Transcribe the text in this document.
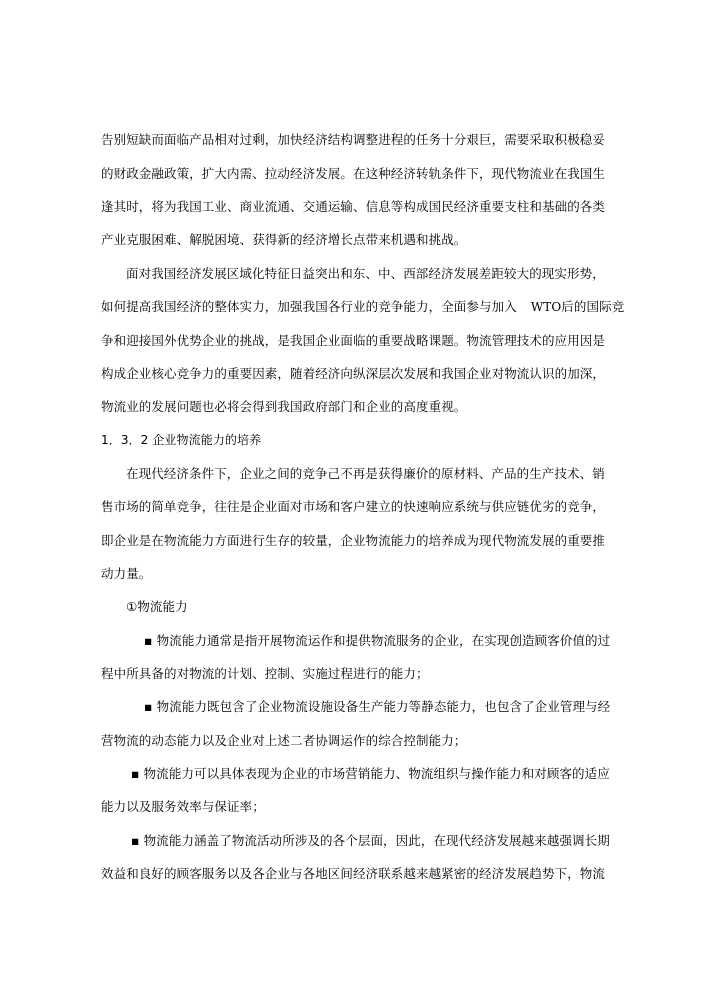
告别短缺而面临产品相对过剩，加快经济结构调整进程的任务十分艰巨，需要采取积极稳妥
的财政金融政策，扩大内需、拉动经济发展。在这种经济转轨条件下，现代物流业在我国生
逢其时，将为我国工业、商业流通、交通运输、信息等构成国民经济重要支柱和基础的各类
产业克服困难、解脱困境、获得新的经济增长点带来机遇和挑战。
面对我国经济发展区域化特征日益突出和东、中、西部经济发展差距较大的现实形势，
如何提高我国经济的整体实力，加强我国各行业的竞争能力，全面参与加入 WTO后的国际竞
争和迎接国外优势企业的挑战，是我国企业面临的重要战略课题。物流管理技术的应用因是
构成企业核心竞争力的重要因素，随着经济向纵深层次发展和我国企业对物流认识的加深，
物流业的发展问题也必将会得到我国政府部门和企业的高度重视。
1．3．2 企业物流能力的培养
在现代经济条件下，企业之间的竞争己不再是获得廉价的原材料、产品的生产技术、销
售市场的简单竞争，往往是企业面对市场和客户建立的快速响应系统与供应链优劣的竞争，
即企业是在物流能力方面进行生存的较量，企业物流能力的培养成为现代物流发展的重要推
动力量。
①物流能力
▪ 物流能力通常是指开展物流运作和提供物流服务的企业，在实现创造顾客价值的过
程中所具备的对物流的计划、控制、实施过程进行的能力；
▪ 物流能力既包含了企业物流设施设备生产能力等静态能力，也包含了企业管理与经
营物流的动态能力以及企业对上述二者协调运作的综合控制能力；
▪ 物流能力可以具体表现为企业的市场营销能力、物流组织与操作能力和对顾客的适应
能力以及服务效率与保证率；
▪ 物流能力涵盖了物流活动所涉及的各个层面，因此，在现代经济发展越来越强调长期
效益和良好的顾客服务以及各企业与各地区间经济联系越来越紧密的经济发展趋势下，物流
